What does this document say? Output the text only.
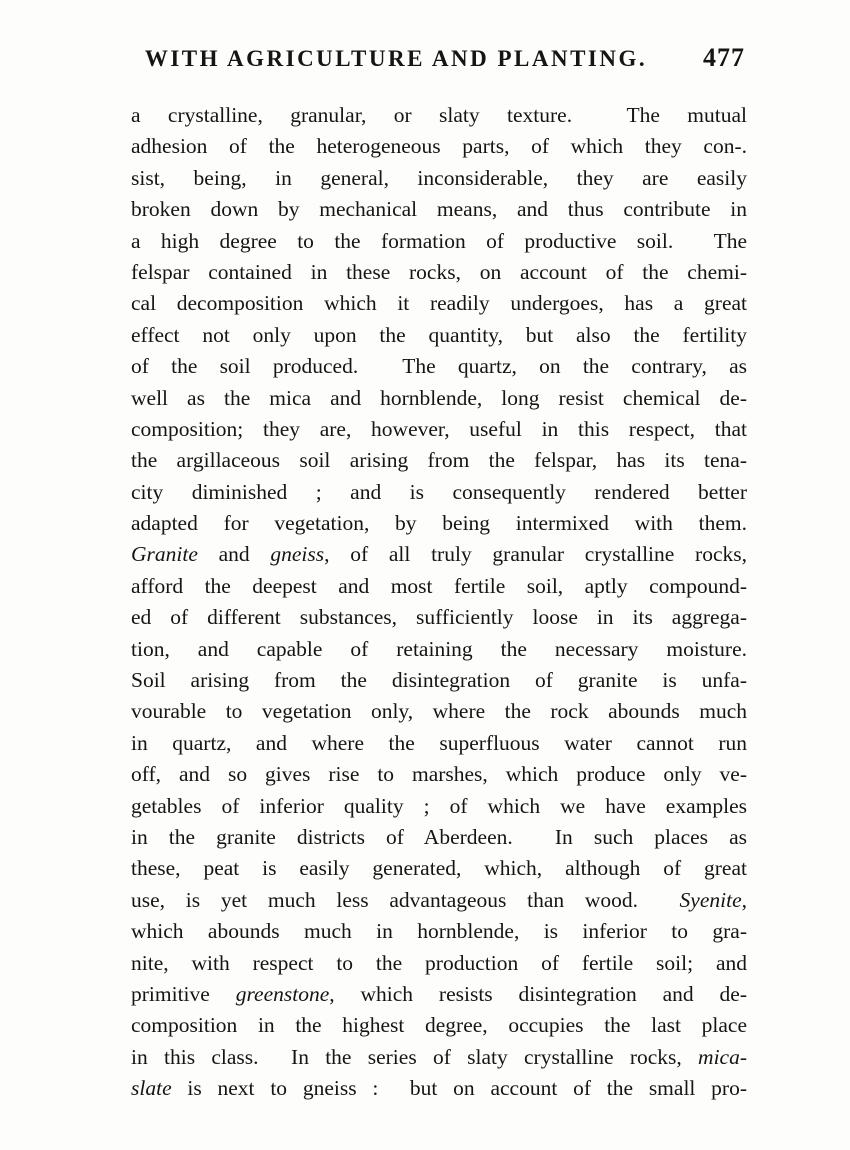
WITH AGRICULTURE AND PLANTING.	477
a crystalline, granular, or slaty texture.  The mutual
adhesion of the heterogeneous parts, of which they con-.
sist, being, in general, inconsiderable, they are easily
broken down by mechanical means, and thus contribute in
a high degree to the formation of productive soil.  The
felspar contained in these rocks, on account of the chemi-
cal decomposition which it readily undergoes, has a great
effect not only upon the quantity, but also the fertility
of the soil produced.  The quartz, on the contrary, as
well as the mica and hornblende, long resist chemical de-
composition; they are, however, useful in this respect, that
the argillaceous soil arising from the felspar, has its tena-
city diminished ; and is consequently rendered better
adapted for vegetation, by being intermixed with them.
Granite and gneiss, of all truly granular crystalline rocks,
afford the deepest and most fertile soil, aptly compound-
ed of different substances, sufficiently loose in its aggrega-
tion, and capable of retaining the necessary moisture.
Soil arising from the disintegration of granite is unfa-
vourable to vegetation only, where the rock abounds much
in quartz, and where the superfluous water cannot run
off, and so gives rise to marshes, which produce only ve-
getables of inferior quality ; of which we have examples
in the granite districts of Aberdeen.  In such places as
these, peat is easily generated, which, although of great
use, is yet much less advantageous than wood.  Syenite,
which abounds much in hornblende, is inferior to gra-
nite, with respect to the production of fertile soil; and
primitive greenstone, which resists disintegration and de-
composition in the highest degree, occupies the last place
in this class.  In the series of slaty crystalline rocks, mica-
slate is next to gneiss :  but on account of the small pro-
